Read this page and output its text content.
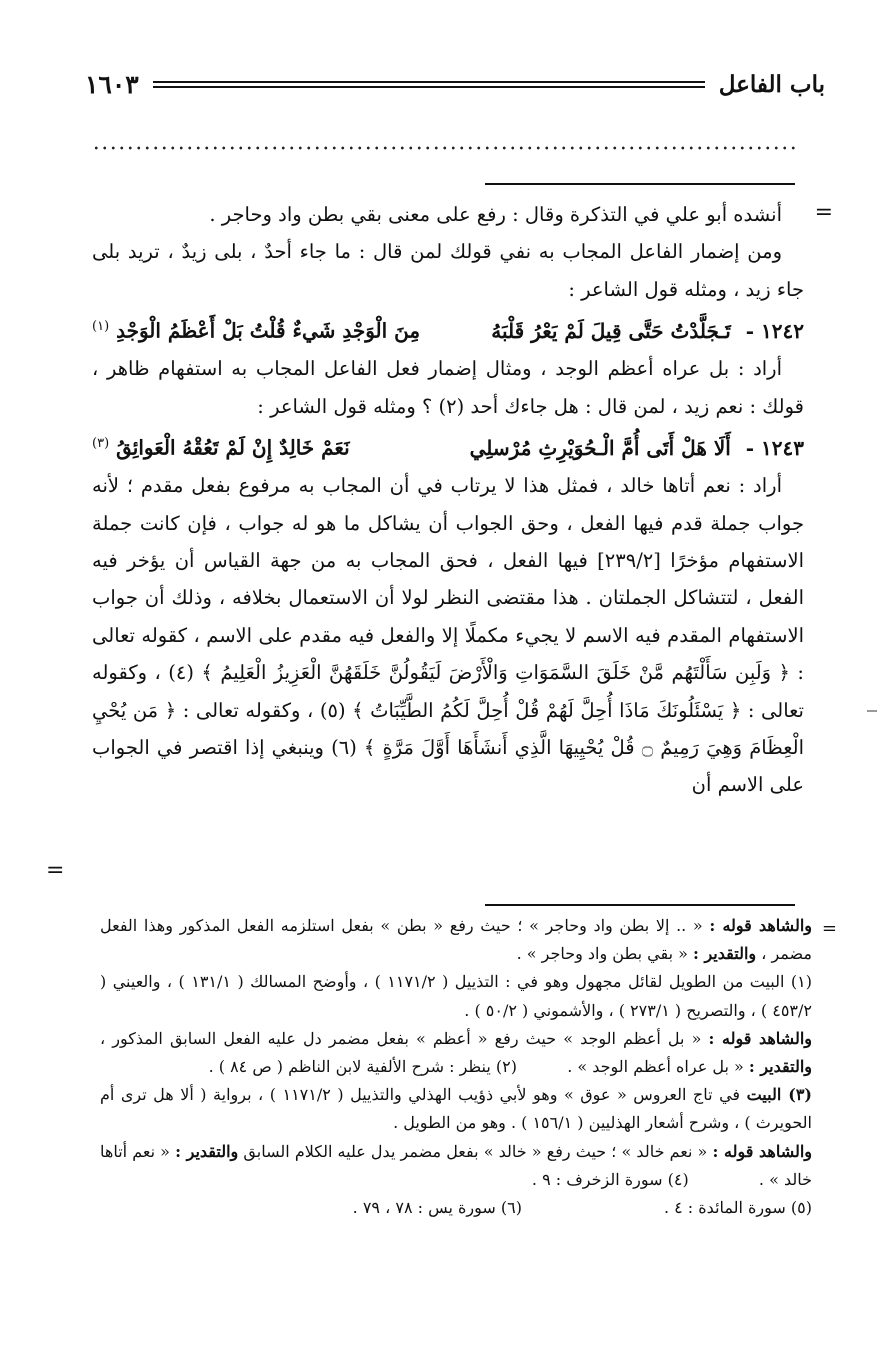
باب الفاعل
١٦٠٣
=

أنشده أبو علي في التذكرة وقال : رفع على معنى بقي بطن واد وحاجر .

ومن إضمار الفاعل المجاب به نفي قولك لمن قال : ما جاء أحدٌ ، بلى زيدٌ ، تريد بلى جاء زيد ، ومثله قول الشاعر :

١٢٤٢ - تَـجَلَّدْتُ حَتَّى قِيلَ لَمْ يَعْرُ قَلْبَهُ
مِنَ الْوَجْدِ شَيءٌ قُلْتُ بَلْ أَعْظَمُ الْوَجْدِ $^{(١)}$

أراد : بل عراه أعظم الوجد ، ومثال إضمار فعل الفاعل المجاب به استفهام ظاهر ، قولك : نعم زيد ، لمن قال : هل جاءك أحد (٢) ؟ ومثله قول الشاعر :

١٢٤٣ - أَلَا هَلْ أَتَى أُمَّ الْـحُوَيْرِثِ مُرْسلِي
نَعَمْ خَالِدٌ إِنْ لَمْ تَعُقْهُ الْعَوائِقُ $^{(٣)}$

أراد : نعم أتاها خالد ، فمثل هذا لا يرتاب في أن المجاب به مرفوع بفعل مقدم ؛ لأنه جواب جملة قدم فيها الفعل ، وحق الجواب أن يشاكل ما هو له جواب ، فإن كانت جملة الاستفهام مؤخرًا [٢٣٩/٢] فيها الفعل ، فحق المجاب به من جهة القياس أن يؤخر فيه الفعل ، لتتشاكل الجملتان . هذا مقتضى النظر لولا أن الاستعمال بخلافه ، وذلك أن جواب الاستفهام المقدم فيه الاسم لا يجيء مكملًا إلا والفعل فيه مقدم على الاسم ، كقوله تعالى : ﴿ وَلَبِن سَأَلْتَهُم مَّنْ خَلَقَ السَّمَوَاتِ وَالْأَرْضَ لَيَقُولُنَّ خَلَقَهُنَّ الْعَزِيزُ الْعَلِيمُ ﴾ (٤) ، وكقوله تعالى : ﴿ يَسْئَلُونَكَ مَاذَا أُحِلَّ لَهُمْ قُلْ أُحِلَّ لَكُمُ الطَّيِّبَاتُ ﴾ (٥) ، وكقوله تعالى : ﴿ مَن يُحْيِ الْعِظَامَ وَهِيَ رَمِيمٌ ۝ قُلْ يُحْيِيهَا الَّذِي أَنشَأَهَا أَوَّلَ مَرَّةٍ ﴾ (٦) وينبغي إذا اقتصر في الجواب على الاسم أن

=
=

والشاهد قوله : « .. إلا بطن واد وحاجر » ؛ حيث رفع « بطن » بفعل استلزمه الفعل المذكور وهذا الفعل مضمر ، والتقدير : « بقي بطن واد وحاجر » .

(١) البيت من الطويل لقائل مجهول وهو في : التذييل ( ١١٧١/٢ ) ، وأوضح المسالك ( ١٣١/١ ) ، والعيني ( ٤٥٣/٢ ) ، والتصريح ( ٢٧٣/١ ) ، والأشموني ( ٥٠/٢ ) .

والشاهد قوله : « بل أعظم الوجد » حيث رفع « أعظم » بفعل مضمر دل عليه الفعل السابق المذكور ، والتقدير : « بل عراه أعظم الوجد » .  (٢) ينظر : شرح الألفية لابن الناظم ( ص ٨٤ ) .

(٣) البيت في تاج العروس « عوق » وهو لأبي ذؤيب الهذلي والتذييل ( ١١٧١/٢ ) ، برواية ( ألا هل ترى أم الحويرث ) ، وشرح أشعار الهذليين ( ١٥٦/١ ) . وهو من الطويل .

والشاهد قوله : « نعم خالد » ؛ حيث رفع « خالد » بفعل مضمر يدل عليه الكلام السابق والتقدير : « نعم أتاها خالد » .  (٤) سورة الزخرف : ٩ .

(٥) سورة المائدة : ٤ .
(٦) سورة يس : ٧٨ ، ٧٩ .
